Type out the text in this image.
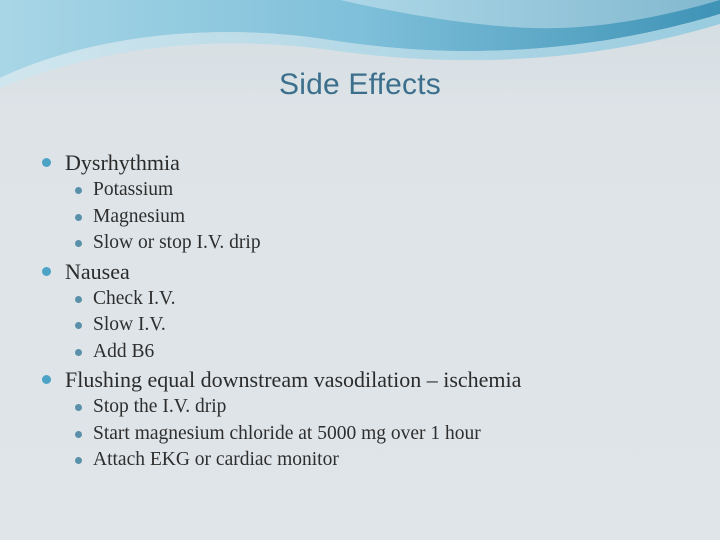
Side Effects
Dysrhythmia
Potassium
Magnesium
Slow or stop I.V. drip
Nausea
Check I.V.
Slow I.V.
Add B6
Flushing equal downstream vasodilation – ischemia
Stop the I.V. drip
Start magnesium chloride at 5000 mg over 1 hour
Attach EKG or cardiac monitor
